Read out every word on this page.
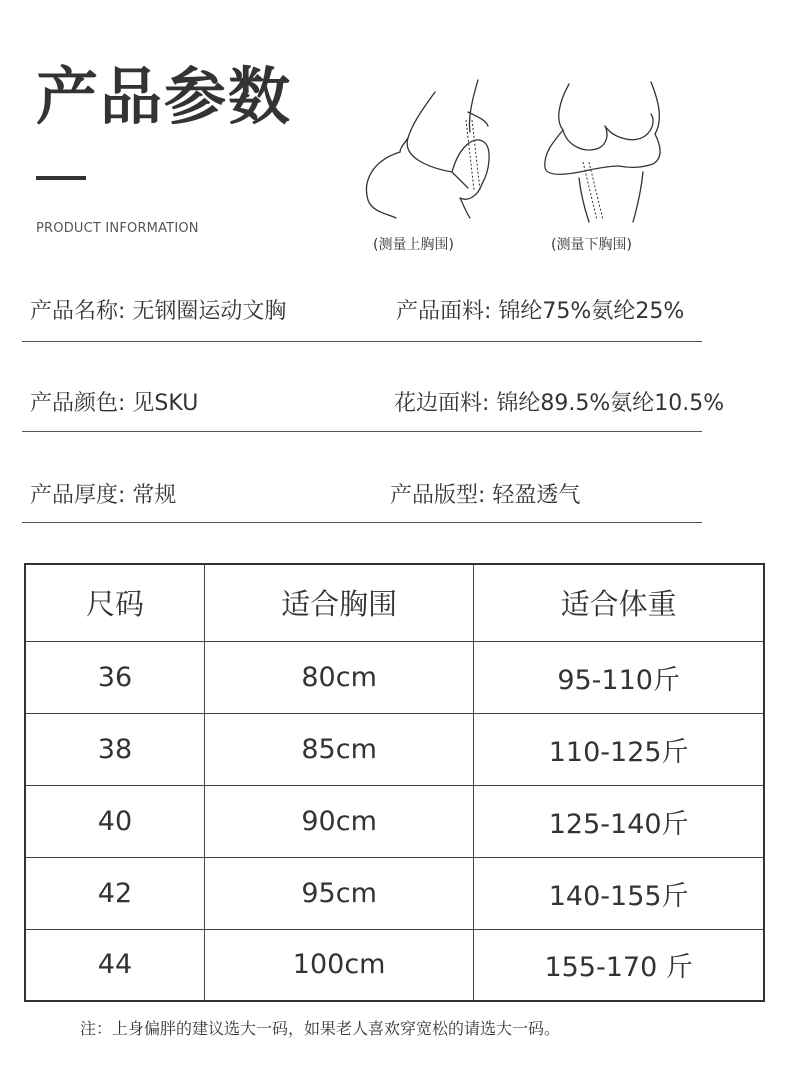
产品参数
PRODUCT INFORMATION
(测量上胸围)	(测量下胸围)
产品名称: 无钢圈运动文胸	产品面料: 锦纶75%氨纶25%
产品颜色: 见SKU	花边面料: 锦纶89.5%氨纶10.5%
产品厚度: 常规	产品版型: 轻盈透气
尺码	适合胸围	适合体重
36	80cm	95-110斤
38	85cm	110-125斤
40	90cm	125-140斤
42	95cm	140-155斤
44	100cm	155-170 斤
注：上身偏胖的建议选大一码，如果老人喜欢穿宽松的请选大一码。
